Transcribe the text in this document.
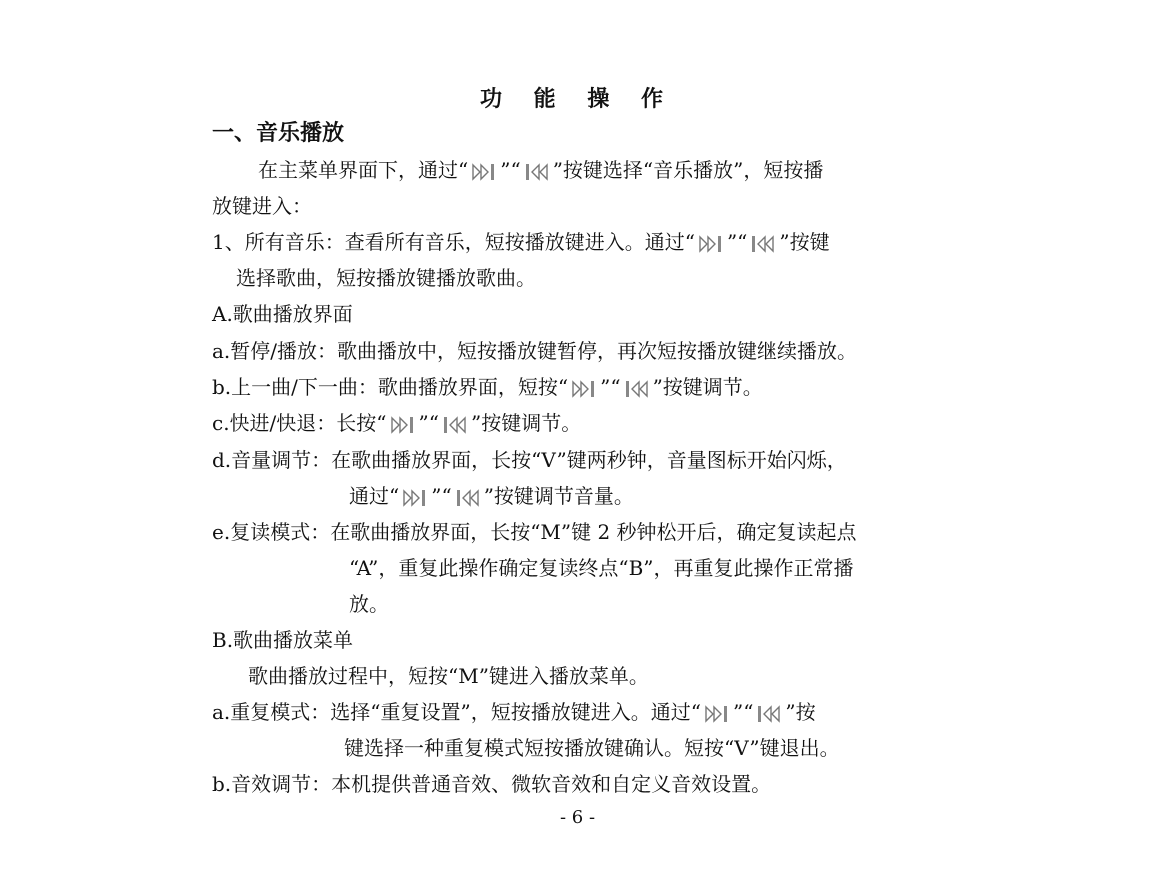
功 能 操 作
一、音乐播放
在主菜单界面下，通过“ ”“ ”按键选择“音乐播放”，短按播
放键进入：
1、所有音乐：查看所有音乐，短按播放键进入。通过“ ”“ ”按键
选择歌曲，短按播放键播放歌曲。
A.歌曲播放界面
a.暂停/播放：歌曲播放中，短按播放键暂停，再次短按播放键继续播放。
b.上一曲/下一曲：歌曲播放界面，短按“ ”“ ”按键调节。
c.快进/快退：长按“ ”“ ”按键调节。
d.音量调节：在歌曲播放界面，长按“V”键两秒钟，音量图标开始闪烁，
通过“ ”“ ”按键调节音量。
e.复读模式：在歌曲播放界面，长按“M”键 2 秒钟松开后，确定复读起点
“A”，重复此操作确定复读终点“B”，再重复此操作正常播
放。
B.歌曲播放菜单
歌曲播放过程中，短按“M”键进入播放菜单。
a.重复模式：选择“重复设置”，短按播放键进入。通过“ ”“ ”按
键选择一种重复模式短按播放键确认。短按“V”键退出。
b.音效调节：本机提供普通音效、微软音效和自定义音效设置。
- 6 -
